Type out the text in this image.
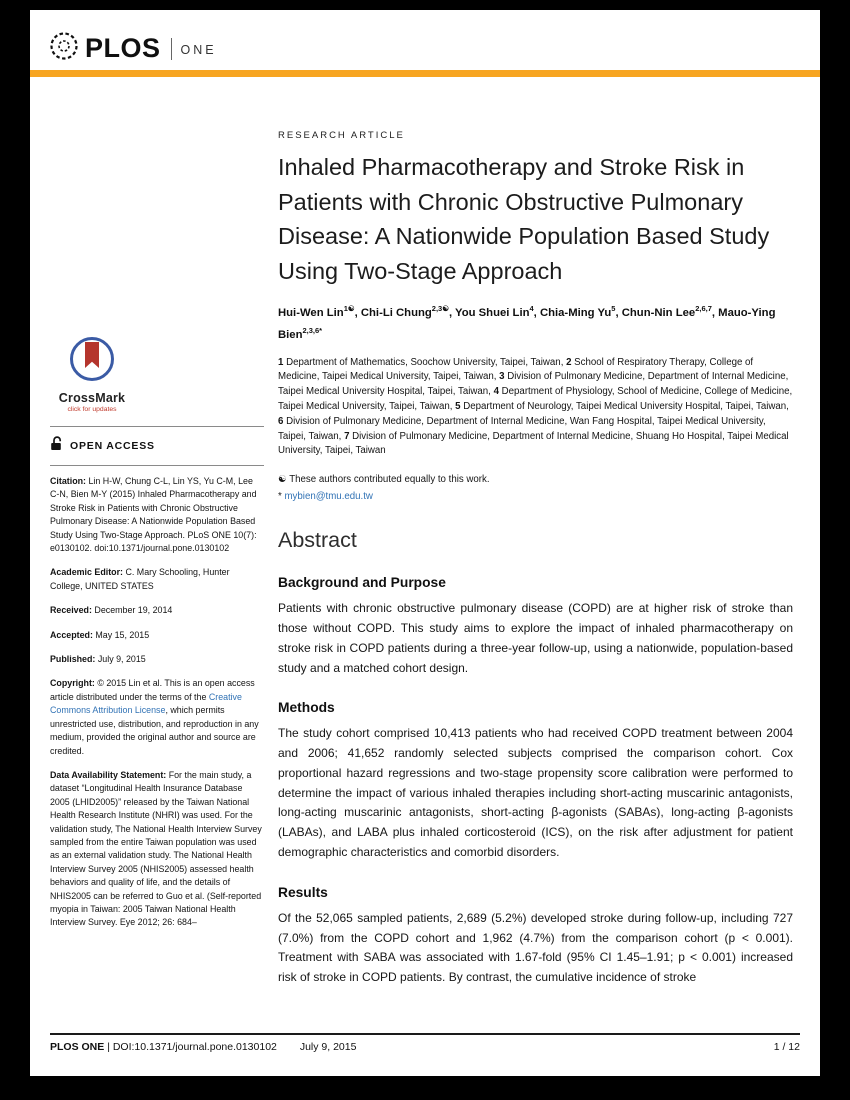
PLOS ONE
CrossMark
click for updates
OPEN ACCESS

Citation: Lin H-W, Chung C-L, Lin YS, Yu C-M, Lee C-N, Bien M-Y (2015) Inhaled Pharmacotherapy and Stroke Risk in Patients with Chronic Obstructive Pulmonary Disease: A Nationwide Population Based Study Using Two-Stage Approach. PLoS ONE 10(7): e0130102. doi:10.1371/journal.pone.0130102

Academic Editor: C. Mary Schooling, Hunter College, UNITED STATES

Received: December 19, 2014

Accepted: May 15, 2015

Published: July 9, 2015

Copyright: © 2015 Lin et al. This is an open access article distributed under the terms of the Creative Commons Attribution License, which permits unrestricted use, distribution, and reproduction in any medium, provided the original author and source are credited.

Data Availability Statement: For the main study, a dataset “Longitudinal Health Insurance Database 2005 (LHID2005)” released by the Taiwan National Health Research Institute (NHRI) was used. For the validation study, The National Health Interview Survey sampled from the entire Taiwan population was used as an external validation study. The National Health Interview Survey 2005 (NHIS2005) assessed health behaviors and quality of life, and the details of NHIS2005 can be referred to Guo et al. (Self-reported myopia in Taiwan: 2005 Taiwan National Health Interview Survey. Eye 2012; 26: 684–

RESEARCH ARTICLE
Inhaled Pharmacotherapy and Stroke Risk in Patients with Chronic Obstructive Pulmonary Disease: A Nationwide Population Based Study Using Two-Stage Approach

Hui-Wen Lin$^{1☯}$, Chi-Li Chung$^{2,3☯}$, You Shuei Lin$^4$, Chia-Ming Yu$^5$, Chun-Nin Lee$^{2,6,7}$, Mauo-Ying Bien$^{2,3,6*}$

1 Department of Mathematics, Soochow University, Taipei, Taiwan, 2 School of Respiratory Therapy, College of Medicine, Taipei Medical University, Taipei, Taiwan, 3 Division of Pulmonary Medicine, Department of Internal Medicine, Taipei Medical University Hospital, Taipei, Taiwan, 4 Department of Physiology, School of Medicine, College of Medicine, Taipei Medical University, Taipei, Taiwan, 5 Department of Neurology, Taipei Medical University Hospital, Taipei, Taiwan, 6 Division of Pulmonary Medicine, Department of Internal Medicine, Wan Fang Hospital, Taipei Medical University, Taipei, Taiwan, 7 Division of Pulmonary Medicine, Department of Internal Medicine, Shuang Ho Hospital, Taipei Medical University, Taipei, Taiwan

☯ These authors contributed equally to this work.

* mybien@tmu.edu.tw

Abstract
Background and Purpose

Patients with chronic obstructive pulmonary disease (COPD) are at higher risk of stroke than those without COPD. This study aims to explore the impact of inhaled pharmacotherapy on stroke risk in COPD patients during a three-year follow-up, using a nationwide, population-based study and a matched cohort design.

Methods

The study cohort comprised 10,413 patients who had received COPD treatment between 2004 and 2006; 41,652 randomly selected subjects comprised the comparison cohort. Cox proportional hazard regressions and two-stage propensity score calibration were performed to determine the impact of various inhaled therapies including short-acting muscarinic antagonists, long-acting muscarinic antagonists, short-acting β-agonists (SABAs), long-acting β-agonists (LABAs), and LABA plus inhaled corticosteroid (ICS), on the risk after adjustment for patient demographic characteristics and comorbid disorders.

Results

Of the 52,065 sampled patients, 2,689 (5.2%) developed stroke during follow-up, including 727 (7.0%) from the COPD cohort and 1,962 (4.7%) from the comparison cohort (p < 0.001). Treatment with SABA was associated with 1.67-fold (95% CI 1.45–1.91; p < 0.001) increased risk of stroke in COPD patients. By contrast, the cumulative incidence of stroke

PLOS ONE | DOI:10.1371/journal.pone.0130102 July 9, 2015	1 / 12
